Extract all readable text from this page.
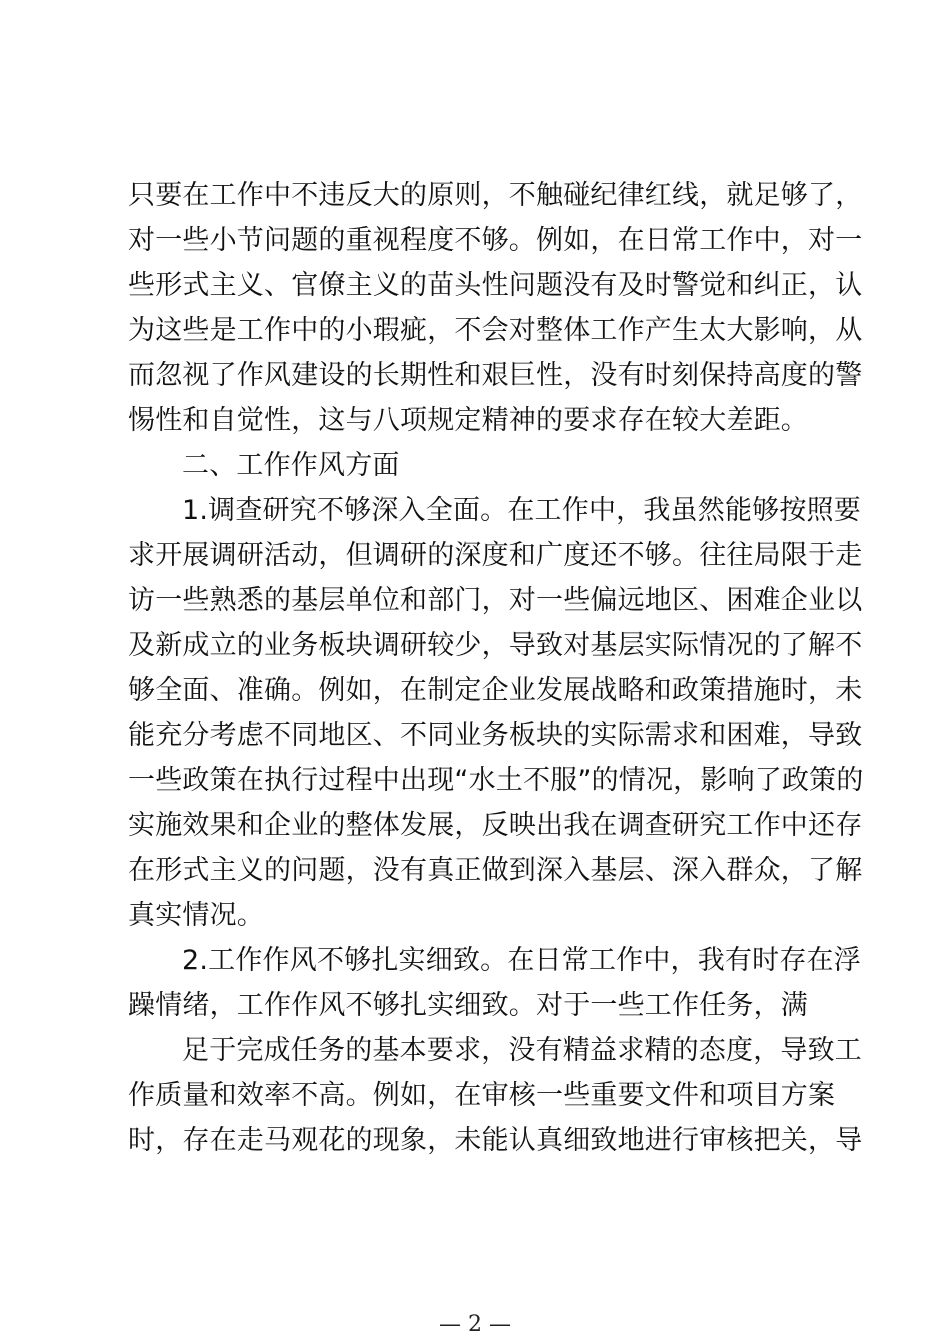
只要在工作中不违反大的原则，不触碰纪律红线，就足够了，
对一些小节问题的重视程度不够。例如，在日常工作中，对一
些形式主义、官僚主义的苗头性问题没有及时警觉和纠正，认
为这些是工作中的小瑕疵，不会对整体工作产生太大影响，从
而忽视了作风建设的长期性和艰巨性，没有时刻保持高度的警
惕性和自觉性，这与八项规定精神的要求存在较大差距。
二、工作作风方面
1.调查研究不够深入全面。在工作中，我虽然能够按照要
求开展调研活动，但调研的深度和广度还不够。往往局限于走
访一些熟悉的基层单位和部门，对一些偏远地区、困难企业以
及新成立的业务板块调研较少，导致对基层实际情况的了解不
够全面、准确。例如，在制定企业发展战略和政策措施时，未
能充分考虑不同地区、不同业务板块的实际需求和困难，导致
一些政策在执行过程中出现“水土不服”的情况，影响了政策的
实施效果和企业的整体发展，反映出我在调查研究工作中还存
在形式主义的问题，没有真正做到深入基层、深入群众，了解
真实情况。
2.工作作风不够扎实细致。在日常工作中，我有时存在浮
躁情绪，工作作风不够扎实细致。对于一些工作任务，满
足于完成任务的基本要求，没有精益求精的态度，导致工
作质量和效率不高。例如，在审核一些重要文件和项目方案
时，存在走马观花的现象，未能认真细致地进行审核把关，导
— 2 —
